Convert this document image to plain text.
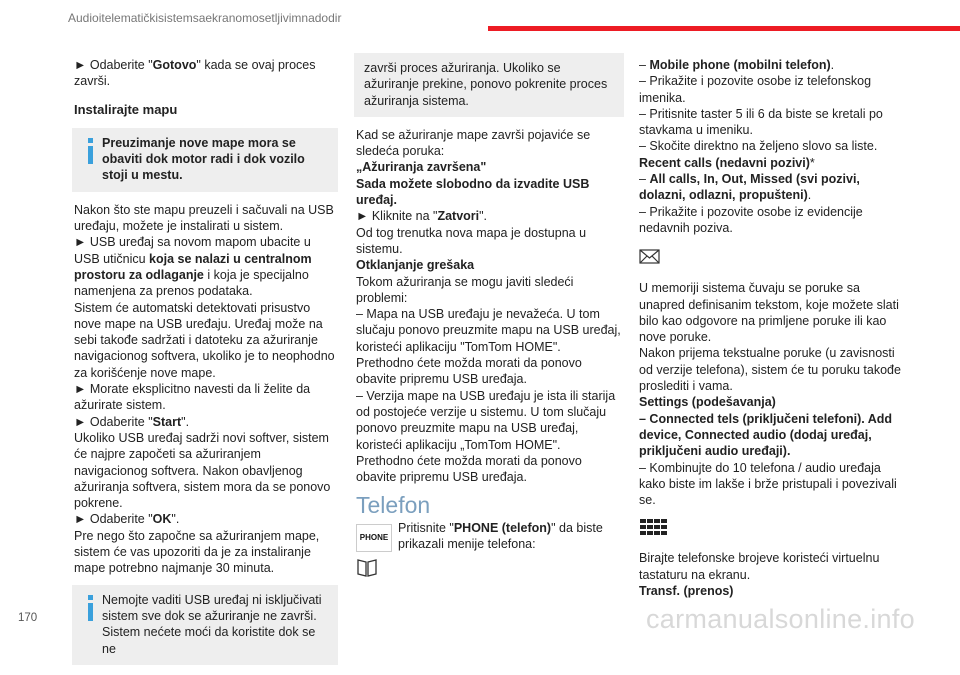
Audioitelematičkisistemsaekranomosetljivimnadodir

► Odaberite "Gotovo" kada se ovaj proces završi.

Instalirajte mapu

Preuzimanje nove mape mora se obaviti dok motor radi i dok vozilo stoji u mestu.

Nakon što ste mapu preuzeli i sačuvali na USB uređaju, možete je instalirati u sistem.

► USB uređaj sa novom mapom ubacite u USB utičnicu koja se nalazi u centralnom prostoru za odlaganje i koja je specijalno namenjena za prenos podataka.

Sistem će automatski detektovati prisustvo nove mape na USB uređaju. Uređaj može na sebi takođe sadržati i datoteku za ažuriranje navigacionog softvera, ukoliko je to neophodno za korišćenje nove mape.

► Morate eksplicitno navesti da li želite da ažurirate sistem.

► Odaberite "Start".

Ukoliko USB uređaj sadrži novi softver, sistem će najpre započeti sa ažuriranjem navigacionog softvera. Nakon obavljenog ažuriranja softvera, sistem mora da se ponovo pokrene.

► Odaberite "OK".

Pre nego što započne sa ažuriranjem mape, sistem će vas upozoriti da je za instaliranje mape potrebno najmanje 30 minuta.

Nemojte vaditi USB uređaj ni isključivati sistem sve dok se ažuriranje ne završi. Sistem nećete moći da koristite dok se ne
završi proces ažuriranja. Ukoliko se ažuriranje prekine, ponovo pokrenite proces ažuriranja sistema.

Kad se ažuriranje mape završi pojaviće se sledeća poruka:

„Ažuriranja završena"

Sada možete slobodno da izvadite USB uređaj.

► Kliknite na "Zatvori".

Od tog trenutka nova mapa je dostupna u sistemu.

Otklanjanje grešaka

Tokom ažuriranja se mogu javiti sledeći problemi:

– Mapa na USB uređaju je nevažeća. U tom slučaju ponovo preuzmite mapu na USB uređaj, koristeći aplikaciju "TomTom HOME".

Prethodno ćete možda morati da ponovo obavite pripremu USB uređaja.

– Verzija mape na USB uređaju je ista ili starija od postojeće verzije u sistemu. U tom slučaju ponovo preuzmite mapu na USB uređaj, koristeći aplikaciju „TomTom HOME".

Prethodno ćete možda morati da ponovo obavite pripremu USB uređaja.

Telefon
PHONE

Pritisnite "PHONE (telefon)" da biste prikazali menije telefona:

– Mobile phone (mobilni telefon).

– Prikažite i pozovite osobe iz telefonskog imenika.

– Pritisnite taster 5 ili 6 da biste se kretali po stavkama u imeniku.

– Skočite direktno na željeno slovo sa liste.

Recent calls (nedavni pozivi)*

– All calls, In, Out, Missed (svi pozivi, dolazni, odlazni, propušteni).

– Prikažite i pozovite osobe iz evidencije nedavnih poziva.

U memoriji sistema čuvaju se poruke sa unapred definisanim tekstom, koje možete slati bilo kao odgovore na primljene poruke ili kao nove poruke.

Nakon prijema tekstualne poruke (u zavisnosti od verzije telefona), sistem će tu poruku takođe proslediti i vama.

Settings (podešavanja)

– Connected tels (priključeni telefoni). Add device, Connected audio (dodaj uređaj, priključeni audio uređaji).

– Kombinujte do 10 telefona / audio uređaja kako biste im lakše i brže pristupali i povezivali se.

Birajte telefonske brojeve koristeći virtuelnu tastaturu na ekranu.

Transf. (prenos)

170	carmanualsonline.info
